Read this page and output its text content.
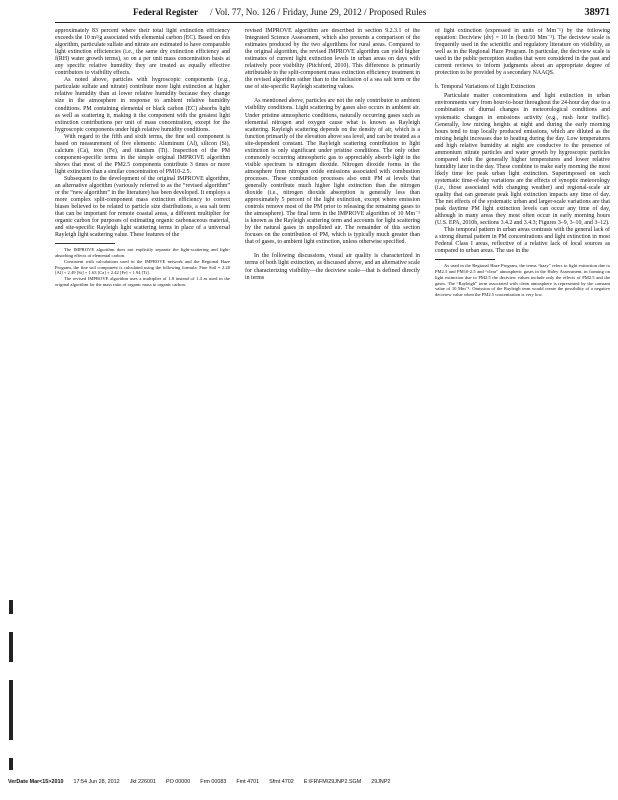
Federal Register / Vol. 77, No. 126 / Friday, June 29, 2012 / Proposed Rules	38971

approximately 83 percent where their total light extinction efficiency exceeds the 10 m²/g associated with elemental carbon (EC). Based on this algorithm, particulate sulfate and nitrate are estimated to have comparable light extinction efficiencies (i.e., the same dry extinction efficiency and f(RH) water growth terms), so on a per unit mass concentration basis at any specific relative humidity they are treated as equally effective contributors to visibility effects.

As noted above, particles with hygroscopic components (e.g., particulate sulfate and nitrate) contribute more light extinction at higher relative humidity than at lower relative humidity because they change size in the atmosphere in response to ambient relative humidity conditions. PM containing elemental or black carbon (EC) absorbs light as well as scattering it, making it the component with the greatest light extinction contributions per unit of mass concentration, except for the hygroscopic components under high relative humidity conditions.

With regard to the fifth and sixth terms, the fine soil component is based on measurement of five elements: Aluminum (Al), silicon (Si), calcium (Ca), iron (Fe), and titanium (Ti). Inspection of the PM component-specific terms in the simple original IMPROVE algorithm shows that most of the PM2.5 components contribute 3 times or more light extinction than a similar concentration of PM10-2.5.

Subsequent to the development of the original IMPROVE algorithm, an alternative algorithm (variously referred to as the “revised algorithm” or the “new algorithm” in the literature) has been developed. It employs a more complex split-component mass extinction efficiency to correct biases believed to be related to particle size distributions, a sea salt term that can be important for remote coastal areas, a different multiplier for organic carbon for purposes of estimating organic carbonaceous material, and site-specific Rayleigh light scattering terms in place of a universal Rayleigh light scattering value. These features of the

The IMPROVE algorithm does not explicitly separate the light-scattering and light-absorbing effects of elemental carbon.

Consistent with calculations used in the IMPROVE network and the Regional Haze Program, the fine soil component is calculated using the following formula: Fine Soil = 2.20 [Al] + 2.49 [Si] + 1.63 [Ca] + 2.42 [Fe] + 1.94 [Ti].

The revised IMPROVE algorithm uses a multiplier of 1.8 instead of 1.4 as used in the original algorithm for the mass ratio of organic mass to organic carbon.

revised IMPROVE algorithm are described in section 9.2.3.1 of the Integrated Science Assessment, which also presents a comparison of the estimates produced by the two algorithms for rural areas. Compared to the original algorithm, the revised IMPROVE algorithm can yield higher estimates of current light extinction levels in urban areas on days with relatively poor visibility (Pitchford, 2010). This difference is primarily attributable to the split-component mass extinction efficiency treatment in the revised algorithm rather than to the inclusion of a sea salt term or the use of site-specific Rayleigh scattering values.

As mentioned above, particles are not the only contributor to ambient visibility conditions. Light scattering by gases also occurs in ambient air. Under pristine atmospheric conditions, naturally occurring gases such as elemental nitrogen and oxygen cause what is known as Rayleigh scattering. Rayleigh scattering depends on the density of air, which is a function primarily of the elevation above sea level, and can be treated as a site-dependent constant. The Rayleigh scattering contribution to light extinction is only significant under pristine conditions. The only other commonly occurring atmospheric gas to appreciably absorb light in the visible spectrum is nitrogen dioxide. Nitrogen dioxide forms in the atmosphere from nitrogen oxide emissions associated with combustion processes. These combustion processes also emit PM at levels that generally contribute much higher light extinction than the nitrogen dioxide (i.e., nitrogen dioxide absorption is generally less than approximately 5 percent of the light extinction, except where emission controls remove most of the PM prior to releasing the remaining gases to the atmosphere). The final term in the IMPROVE algorithm of 10 Mm⁻¹ is known as the Rayleigh scattering term and accounts for light scattering by the natural gases in unpolluted air. The remainder of this section focuses on the contribution of PM, which is typically much greater than that of gases, to ambient light extinction, unless otherwise specified.

In the following discussions, visual air quality is characterized in terms of both light extinction, as discussed above, and an alternative scale for characterizing visibility—the deciview scale—that is defined directly in terms

of light extinction (expressed in units of Mm⁻¹) by the following equation: Deciview (dv) = 10 ln (bext/10 Mm⁻¹). The deciview scale is frequently used in the scientific and regulatory literature on visibility, as well as in the Regional Haze Program. In particular, the deciview scale is used in the public perception studies that were considered in the past and current reviews to inform judgments about an appropriate degree of protection to be provided by a secondary NAAQS.

b. Temporal Variations of Light Extinction

Particulate matter concentrations and light extinction in urban environments vary from hour-to-hour throughout the 24-hour day due to a combination of diurnal changes in meteorological conditions and systematic changes in emissions activity (e.g., rush hour traffic). Generally, low mixing heights at night and during the early morning hours tend to trap locally produced emissions, which are diluted as the mixing height increases due to heating during the day. Low temperatures and high relative humidity at night are conducive to the presence of ammonium nitrate particles and water growth by hygroscopic particles compared with the generally higher temperatures and lower relative humidity later in the day. These combine to make early morning the most likely time for peak urban light extinction. Superimposed on such systematic time-of-day variations are the effects of synoptic meteorology (i.e., those associated with changing weather) and regional-scale air quality that can generate peak light extinction impacts any time of day. The net effects of the systematic urban and larger-scale variations are that peak daytime PM light extinction levels can occur any time of day, although in many areas they most often occur in early morning hours (U.S. EPA, 2010b, sections 3.4.2 and 3.4.3; Figures 3–9, 3–10, and 3–12).

This temporal pattern in urban areas contrasts with the general lack of a strong diurnal pattern in PM concentrations and light extinction in most Federal Class I areas, reflective of a relative lack of local sources as compared to urban areas. The use in the

As used in the Regional Haze Program, the terms “hazy” refers to light extinction due to PM2.5 and PM10-2.5 and “clear” atmospheric gases in the Haley Assessment, in forming on light extinction due to PM2.5 the deciview values include only the effects of PM2.5 and the gases. The “Rayleigh” term associated with clean atmosphere is represented by the constant value of 10 Mm⁻¹. Omission of the Rayleigh term would create the possibility of a negative deciview value when the PM2.5 concentration is very low.

VerDate Mar<15>2010 17:54 Jun 28, 2012 Jkt 226001 PO 00000 Frm 00083 Fmt 4701 Sfmt 4702 E:\FR\FM\29JNP2.SGM 29JNP2
